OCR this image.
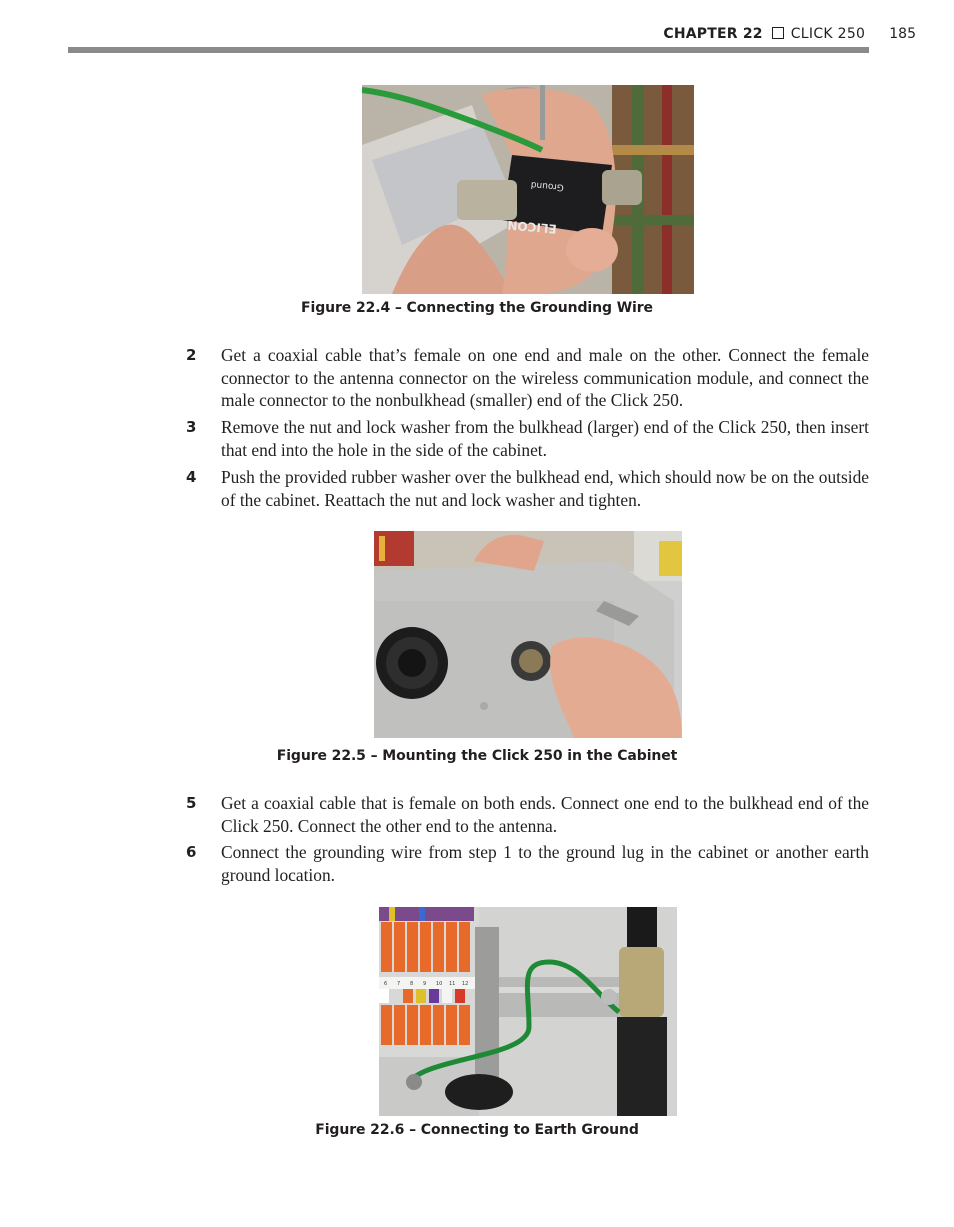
CHAPTER 22 CLICK 250 185
Ground
ELICON
Figure 22.4 – Connecting the Grounding Wire
2	Get a coaxial cable that’s female on one end and male on the other. Connect the female connector to the antenna connector on the wireless communication module, and connect the male connector to the nonbulkhead (smaller) end of the Click 250.
3	Remove the nut and lock washer from the bulkhead (larger) end of the Click 250, then insert that end into the hole in the side of the cabinet.
4	Push the provided rubber washer over the bulkhead end, which should now be on the outside of the cabinet. Reattach the nut and lock washer and tighten.
Figure 22.5 – Mounting the Click 250 in the Cabinet
5	Get a coaxial cable that is female on both ends. Connect one end to the bulkhead end of the Click 250. Connect the other end to the antenna.
6	Connect the grounding wire from step 1 to the ground lug in the cabinet or another earth ground location.
6 7 8 9 10 11 12
Figure 22.6 – Connecting to Earth Ground
